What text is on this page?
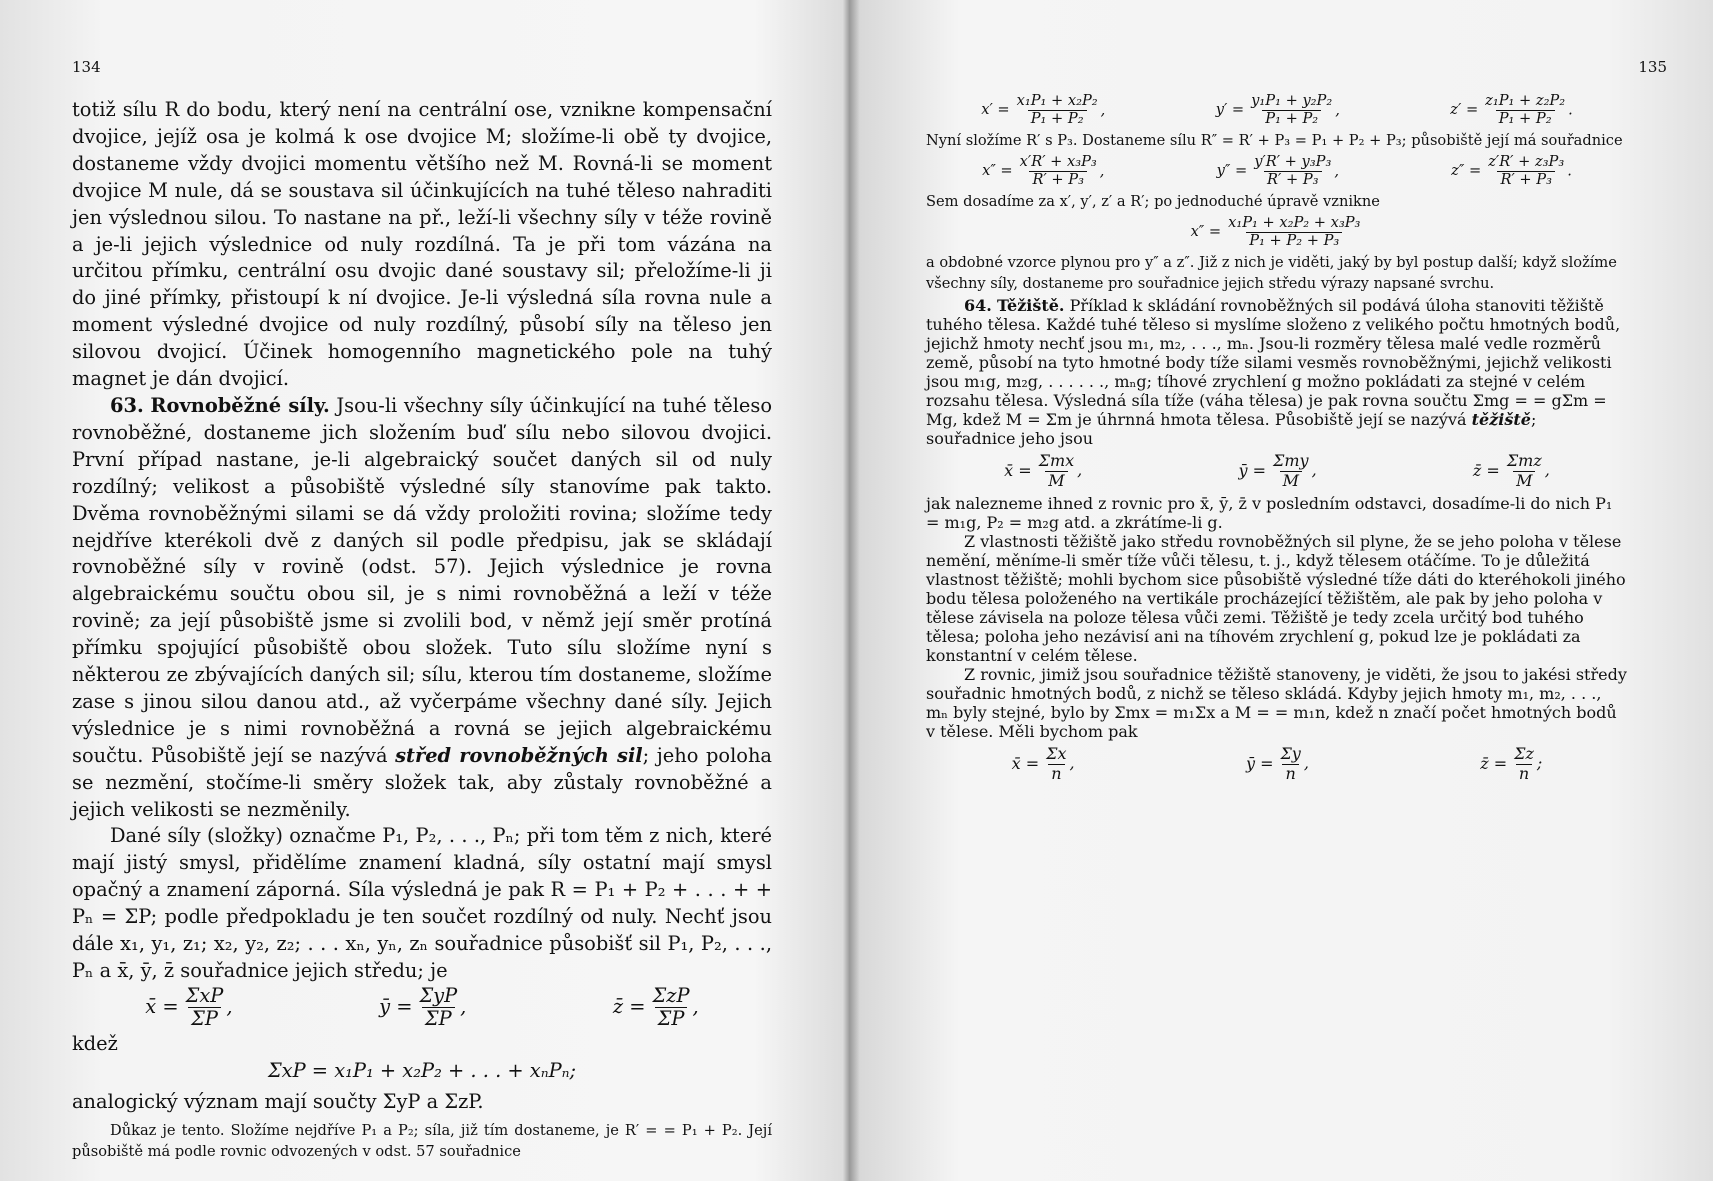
134

totiž sílu R do bodu, který není na centrální ose, vznikne kompensační dvojice, jejíž osa je kolmá k ose dvojice M; složíme-li obě ty dvojice, dostaneme vždy dvojici momentu většího než M. Rovná-li se moment dvojice M nule, dá se soustava sil účinkujících na tuhé těleso nahraditi jen výslednou silou. To nastane na př., leží-li všechny síly v téže rovině a je-li jejich výslednice od nuly rozdílná. Ta je při tom vázána na určitou přímku, centrální osu dvojic dané soustavy sil; přeložíme-li ji do jiné přímky, přistoupí k ní dvojice. Je-li výsledná síla rovna nule a moment výsledné dvojice od nuly rozdílný, působí síly na těleso jen silovou dvojicí. Účinek homogenního magnetického pole na tuhý magnet je dán dvojicí.

63. Rovnoběžné síly. Jsou-li všechny síly účinkující na tuhé těleso rovnoběžné, dostaneme jich složením buď sílu nebo silovou dvojici. První případ nastane, je-li algebraický součet daných sil od nuly rozdílný; velikost a působiště výsledné síly stanovíme pak takto. Dvěma rovnoběžnými silami se dá vždy proložiti rovina; složíme tedy nejdříve kterékoli dvě z daných sil podle předpisu, jak se skládají rovnoběžné síly v rovině (odst. 57). Jejich výslednice je rovna algebraickému součtu obou sil, je s nimi rovnoběžná a leží v téže rovině; za její působiště jsme si zvolili bod, v němž její směr protíná přímku spojující působiště obou složek. Tuto sílu složíme nyní s některou ze zbývajících daných sil; sílu, kterou tím dostaneme, složíme zase s jinou silou danou atd., až vyčerpáme všechny dané síly. Jejich výslednice je s nimi rovnoběžná a rovná se jejich algebraickému součtu. Působiště její se nazývá střed rovnoběžných sil; jeho poloha se nezmění, stočíme-li směry složek tak, aby zůstaly rovnoběžné a jejich velikosti se nezměnily.

Dané síly (složky) označme P₁, P₂, . . ., Pₙ; při tom těm z nich, které mají jistý smysl, přidělíme znamení kladná, síly ostatní mají smysl opačný a znamení záporná. Síla výsledná je pak R = P₁ + P₂ + . . . + + Pₙ = ΣP; podle předpokladu je ten součet rozdílný od nuly. Nechť jsou dále x₁, y₁, z₁; x₂, y₂, z₂; . . . xₙ, yₙ, zₙ souřadnice působišť sil P₁, P₂, . . ., Pₙ a x̄, ȳ, z̄ souřadnice jejich středu; je

x̄ = $\frac{\text{ΣxP}}{\Sigma P}$ ,	ȳ = $\frac{\text{ΣyP}}{\Sigma P}$ ,	z̄ = $\frac{\text{ΣzP}}{\Sigma P}$ ,

kdež

ΣxP = x₁P₁ + x₂P₂ + . . . + xₙPₙ;

analogický význam mají součty ΣyP a ΣzP.

Důkaz je tento. Složíme nejdříve P₁ a P₂; síla, již tím dostaneme, je R′ = = P₁ + P₂. Její působiště má podle rovnic odvozených v odst. 57 souřadnice

135
$x' = \frac{\text{x₁P₁ + x₂P₂}}{\text{P₁ + P₂}}$ ,	$y' = \frac{\text{y₁P₁ + y₂P₂}}{\text{P₁ + P₂}}$ ,	$z' = \frac{\text{z₁P₁ + z₂P₂}}{\text{P₁ + P₂}}$ .

Nyní složíme R′ s P₃. Dostaneme sílu R″ = R′ + P₃ = P₁ + P₂ + P₃; působiště její má souřadnice

$x'' = \frac{\text{x′R′ + x₃P₃}}{\text{R′ + P₃}}$ ,	$y'' = \frac{\text{y′R′ + y₃P₃}}{\text{R′ + P₃}}$ ,	$z'' = \frac{\text{z′R′ + z₃P₃}}{\text{R′ + P₃}}$ .

Sem dosadíme za x′, y′, z′ a R′; po jednoduché úpravě vznikne

$x'' = \frac{\text{x₁P₁ + x₂P₂ + x₃P₃}}{\text{P₁ + P₂ + P₃}}$

a obdobné vzorce plynou pro y″ a z″. Již z nich je viděti, jaký by byl postup další; když složíme všechny síly, dostaneme pro souřadnice jejich středu výrazy napsané svrchu.

64. Těžiště. Příklad k skládání rovnoběžných sil podává úloha stanoviti těžiště tuhého tělesa. Každé tuhé těleso si myslíme složeno z velikého počtu hmotných bodů, jejichž hmoty nechť jsou m₁, m₂, . . ., mₙ. Jsou-li rozměry tělesa malé vedle rozměrů země, působí na tyto hmotné body tíže silami vesměs rovnoběžnými, jejichž velikosti jsou m₁g, m₂g, . . . . . ., mₙg; tíhové zrychlení g možno pokládati za stejné v celém rozsahu tělesa. Výsledná síla tíže (váha tělesa) je pak rovna součtu Σmg = = gΣm = Mg, kdež M = Σm je úhrnná hmota tělesa. Působiště její se nazývá těžiště; souřadnice jeho jsou

x̄ = $\frac{\text{Σmx}}{M}$ ,	ȳ = $\frac{\text{Σmy}}{M}$ ,	z̄ = $\frac{\text{Σmz}}{M}$ ,

jak nalezneme ihned z rovnic pro x̄, ȳ, z̄ v posledním odstavci, dosadíme-li do nich P₁ = m₁g, P₂ = m₂g atd. a zkrátíme-li g.

Z vlastnosti těžiště jako středu rovnoběžných sil plyne, že se jeho poloha v tělese nemění, měníme-li směr tíže vůči tělesu, t. j., když tělesem otáčíme. To je důležitá vlastnost těžiště; mohli bychom sice působiště výsledné tíže dáti do kteréhokoli jiného bodu tělesa položeného na vertikále procházející těžištěm, ale pak by jeho poloha v tělese závisela na poloze tělesa vůči zemi. Těžiště je tedy zcela určitý bod tuhého tělesa; poloha jeho nezávisí ani na tíhovém zrychlení g, pokud lze je pokládati za konstantní v celém tělese.

Z rovnic, jimiž jsou souřadnice těžiště stanoveny, je viděti, že jsou to jakési středy souřadnic hmotných bodů, z nichž se těleso skládá. Kdyby jejich hmoty m₁, m₂, . . ., mₙ byly stejné, bylo by Σmx = m₁Σx a M = = m₁n, kdež n značí počet hmotných bodů v tělese. Měli bychom pak

x̄ = $\frac{\Sigma x}{n}$ ,	ȳ = $\frac{\Sigma y}{n}$ ,	z̄ = $\frac{\Sigma z}{n}$ ;
